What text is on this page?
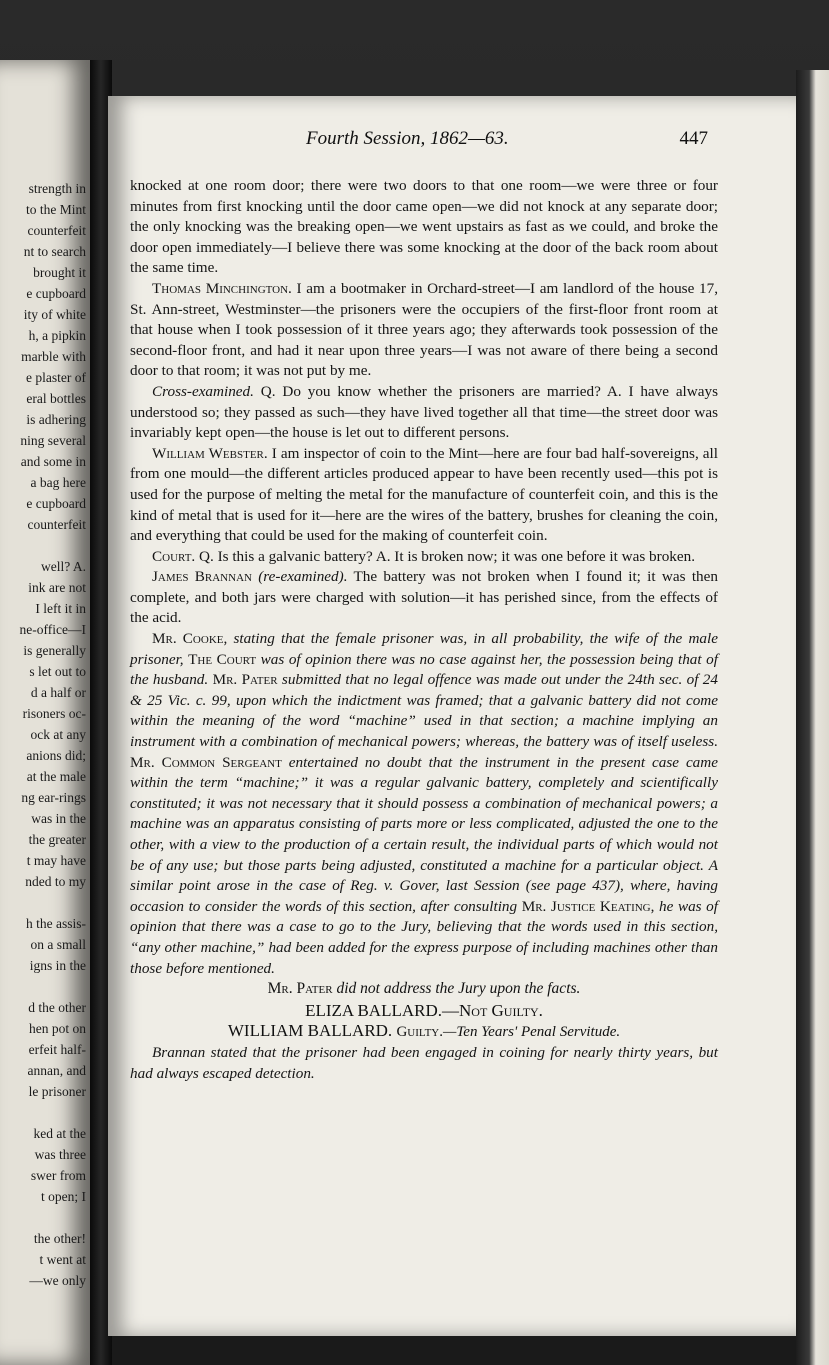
strength in
to the Mint
counterfeit
nt to search
brought it
e cupboard
ity of white
h, a pipkin
marble with
e plaster of
eral bottles
is adhering
ning several
and some in
a bag here
e cupboard
counterfeit
well? A.
ink are not
I left it in
ne-office—I
is generally
s let out to
d a half or
risoners oc-
ock at any
anions did;
at the male
ng ear-rings
was in the
the greater
t may have
nded to my
h the assis-
on a small
igns in the
d the other
hen pot on
erfeit half-
annan, and
le prisoner
ked at the
was three
swer from
t open; I
the other!
t went at
—we only
Fourth Session, 1862—63.	447

knocked at one room door; there were two doors to that one room—we were three or four minutes from first knocking until the door came open—we did not knock at any separate door; the only knocking was the breaking open—we went upstairs as fast as we could, and broke the door open immediately—I believe there was some knocking at the door of the back room about the same time.

Thomas Minchington. I am a bootmaker in Orchard-street—I am landlord of the house 17, St. Ann-street, Westminster—the prisoners were the occupiers of the first-floor front room at that house when I took possession of it three years ago; they afterwards took possession of the second-floor front, and had it near upon three years—I was not aware of there being a second door to that room; it was not put by me.

Cross-examined. Q. Do you know whether the prisoners are married? A. I have always understood so; they passed as such—they have lived together all that time—the street door was invariably kept open—the house is let out to different persons.

William Webster. I am inspector of coin to the Mint—here are four bad half-sovereigns, all from one mould—the different articles produced appear to have been recently used—this pot is used for the purpose of melting the metal for the manufacture of counterfeit coin, and this is the kind of metal that is used for it—here are the wires of the battery, brushes for cleaning the coin, and everything that could be used for the making of counterfeit coin.

Court. Q. Is this a galvanic battery? A. It is broken now; it was one before it was broken.

James Brannan (re-examined). The battery was not broken when I found it; it was then complete, and both jars were charged with solution—it has perished since, from the effects of the acid.

Mr. Cooke, stating that the female prisoner was, in all probability, the wife of the male prisoner, The Court was of opinion there was no case against her, the possession being that of the husband. Mr. Pater submitted that no legal offence was made out under the 24th sec. of 24 & 25 Vic. c. 99, upon which the indictment was framed; that a galvanic battery did not come within the meaning of the word “machine” used in that section; a machine implying an instrument with a combination of mechanical powers; whereas, the battery was of itself useless. Mr. Common Sergeant entertained no doubt that the instrument in the present case came within the term “machine;” it was a regular galvanic battery, completely and scientifically constituted; it was not necessary that it should possess a combination of mechanical powers; a machine was an apparatus consisting of parts more or less complicated, adjusted the one to the other, with a view to the production of a certain result, the individual parts of which would not be of any use; but those parts being adjusted, constituted a machine for a particular object. A similar point arose in the case of Reg. v. Gover, last Session (see page 437), where, having occasion to consider the words of this section, after consulting Mr. Justice Keating, he was of opinion that there was a case to go to the Jury, believing that the words used in this section, “any other machine,” had been added for the express purpose of including machines other than those before mentioned.

Mr. Pater did not address the Jury upon the facts.

ELIZA BALLARD.—Not Guilty.

WILLIAM BALLARD. Guilty.—Ten Years' Penal Servitude.

Brannan stated that the prisoner had been engaged in coining for nearly thirty years, but had always escaped detection.
